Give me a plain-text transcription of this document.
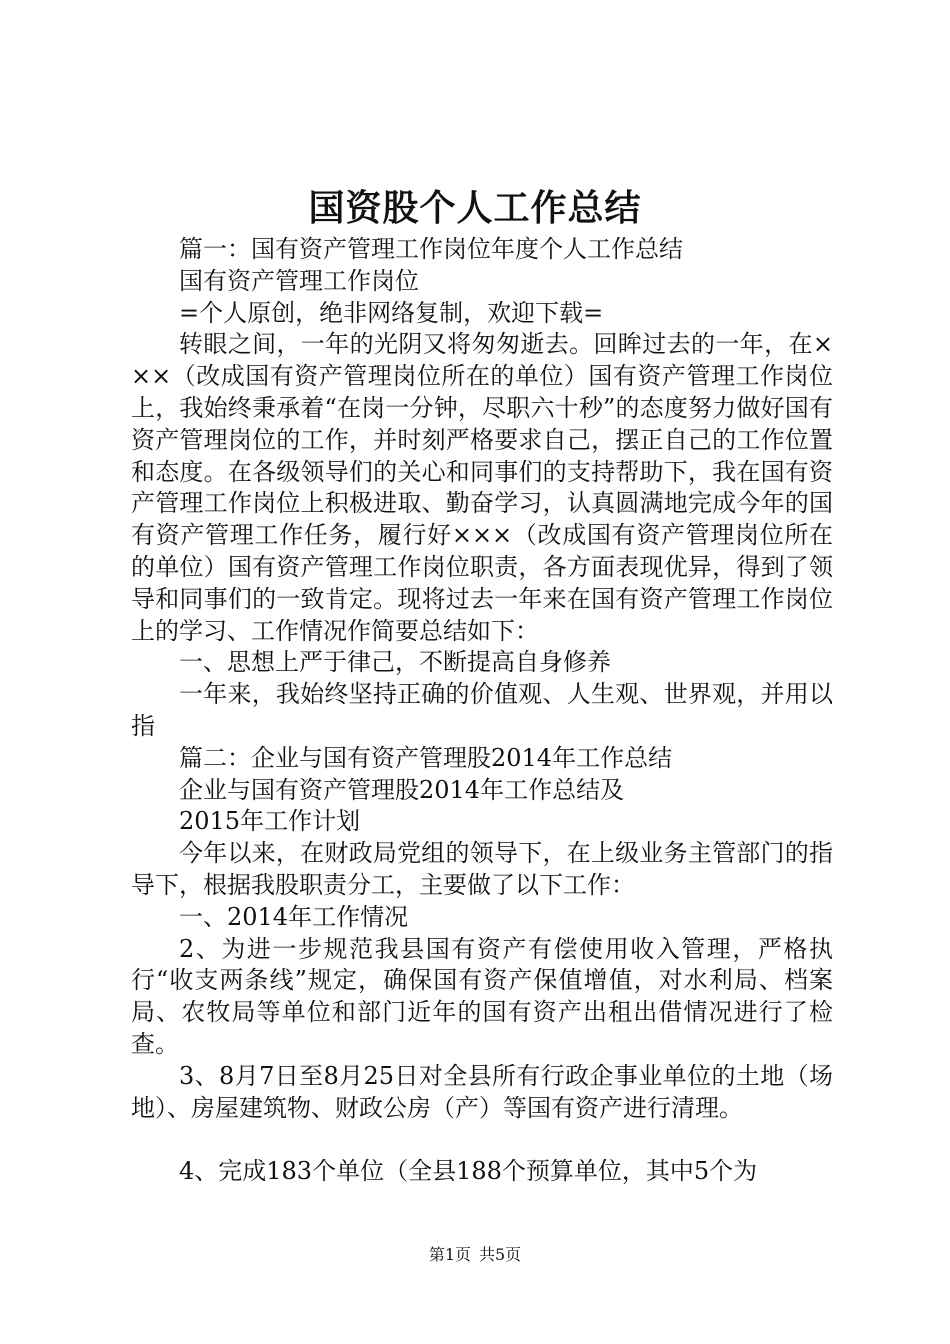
国资股个人工作总结

篇一：国有资产管理工作岗位年度个人工作总结

国有资产管理工作岗位

=个人原创，绝非网络复制，欢迎下载=

转眼之间，一年的光阴又将匆匆逝去。回眸过去的一年，在×××（改成国有资产管理岗位所在的单位）国有资产管理工作岗位上，我始终秉承着“在岗一分钟，尽职六十秒”的态度努力做好国有资产管理岗位的工作，并时刻严格要求自己，摆正自己的工作位置和态度。在各级领导们的关心和同事们的支持帮助下，我在国有资产管理工作岗位上积极进取、勤奋学习，认真圆满地完成今年的国有资产管理工作任务，履行好×××（改成国有资产管理岗位所在的单位）国有资产管理工作岗位职责，各方面表现优异，得到了领导和同事们的一致肯定。现将过去一年来在国有资产管理工作岗位上的学习、工作情况作简要总结如下：

一、思想上严于律己，不断提高自身修养

一年来，我始终坚持正确的价值观、人生观、世界观，并用以指

篇二：企业与国有资产管理股2014年工作总结

企业与国有资产管理股2014年工作总结及

2015年工作计划

今年以来，在财政局党组的领导下，在上级业务主管部门的指导下，根据我股职责分工，主要做了以下工作：

一、2014年工作情况

2、为进一步规范我县国有资产有偿使用收入管理，严格执行“收支两条线”规定，确保国有资产保值增值，对水利局、档案局、农牧局等单位和部门近年的国有资产出租出借情况进行了检查。

3、8月7日至8月25日对全县所有行政企事业单位的土地（场地）、房屋建筑物、财政公房（产）等国有资产进行清理。

4、完成183个单位（全县188个预算单位，其中5个为

第1页 共5页
